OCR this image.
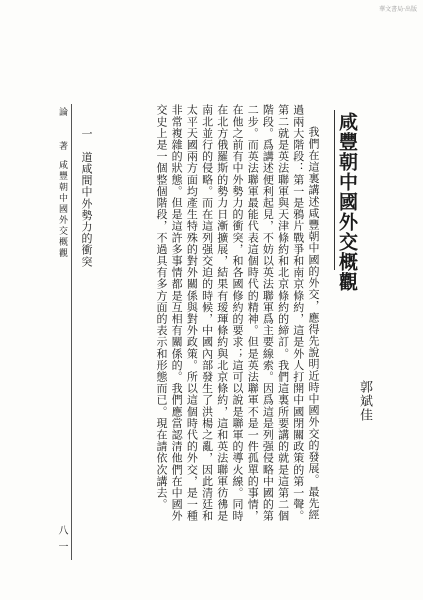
華文書局·出版
咸豐朝中國外交概觀
郭斌佳

我們在這裏講述咸豐朝中國的外交，應得先說明近時中國外交的發展。最先經過兩大階段：第一是鴉片戰爭和南京條約，這是外人打開中國閉關政策的第一聲。第二就是英法聯軍與天津條約和北京條約的締訂。我們這裏所要講的就是這第二個階段。爲講述便利起見，不妨以英法聯軍爲主要線索。因爲這是列强侵略中國的第二步。而英法聯軍最能代表這個時代的精神。但是英法聯軍不是一件孤單的事情，在他之前有中外勢力的衝突，和各國修約的要求；這可以說是聯軍的導火線。同時在北方俄羅斯的勢力日漸擴展，結果有瑷琿條約與北京條約，這和英法聯軍彷彿是南北並行的侵略。而在這列强交迫的時候，中國內部發生了洪楊之亂，因此清廷和太平天國兩方面均產生特殊的對外關係與對外政策。所以這個時代的外交，是一種非常複雜的狀態。但是這許多事情都是互相有關係的。我們應當認清他們在中國外交史上是一個整個階段，不過具有多方面的表示和形態而已。現在請依次講去。

一　道咸間中外勢力的衝突
論　著
咸豐朝中國外交概觀
八一
